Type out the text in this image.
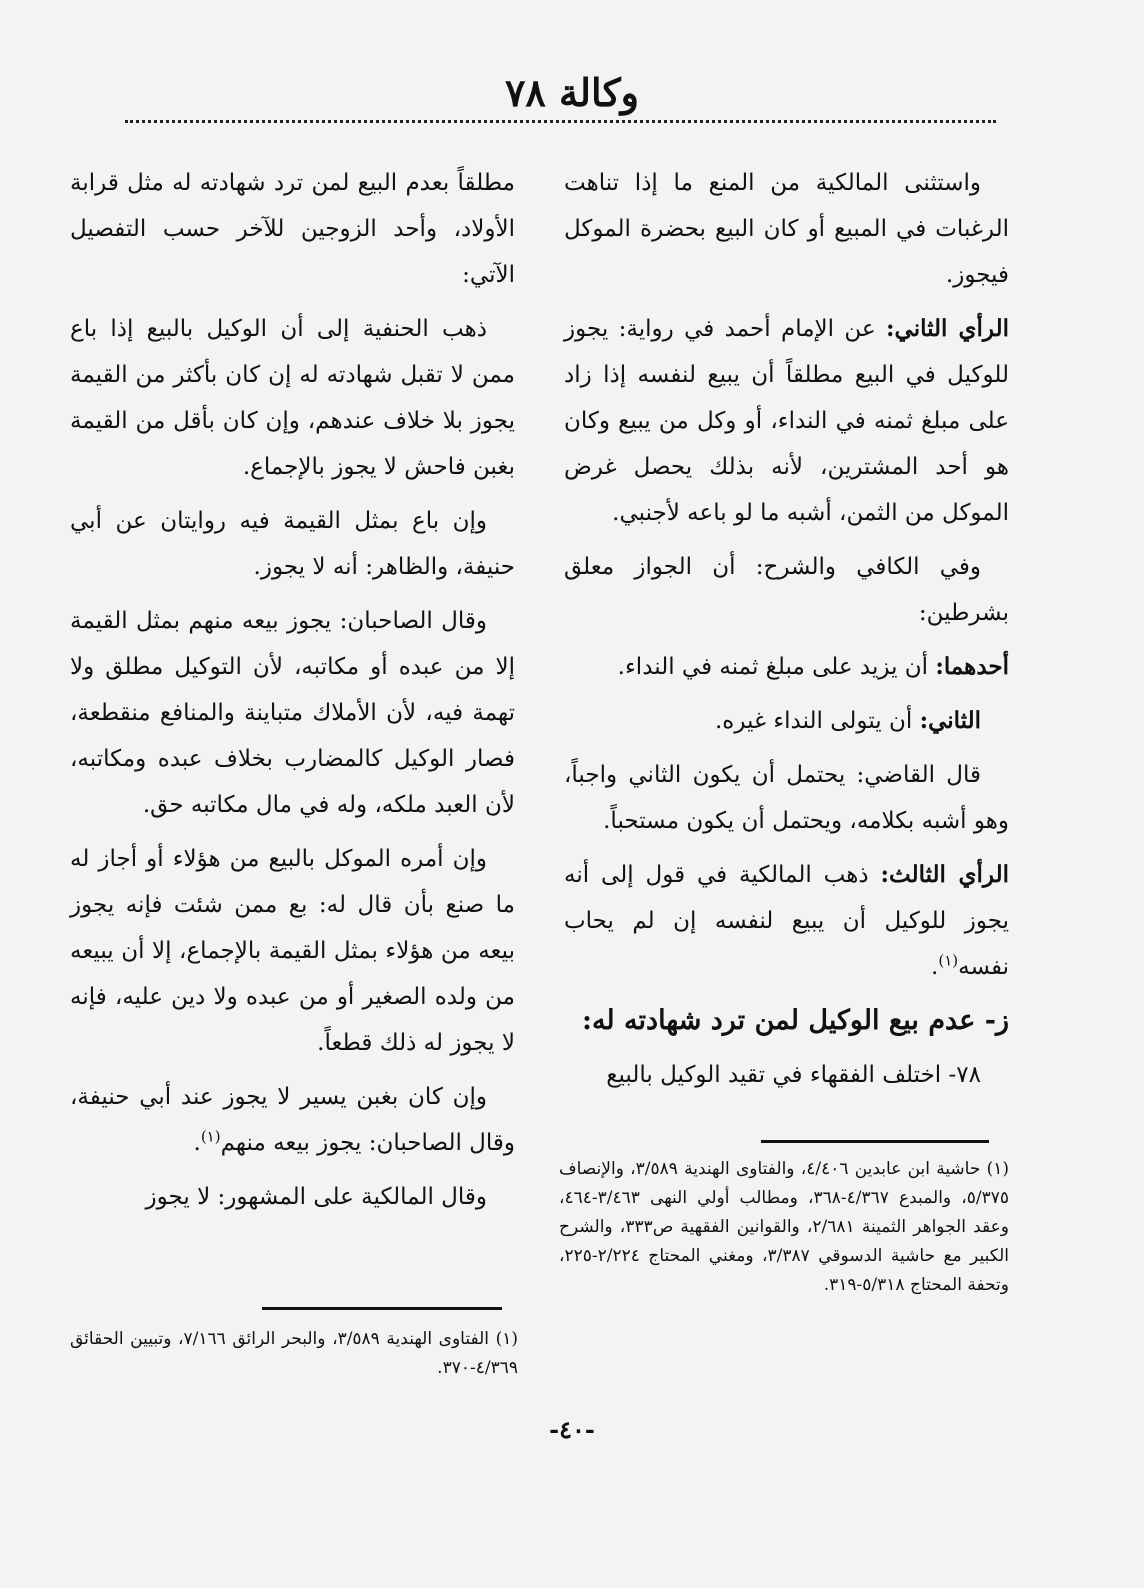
وكالة ٧٨

واستثنى المالكية من المنع ما إذا تناهت الرغبات في المبيع أو كان البيع بحضرة الموكل فيجوز.

الرأي الثاني: عن الإمام أحمد في رواية: يجوز للوكيل في البيع مطلقاً أن يبيع لنفسه إذا زاد على مبلغ ثمنه في النداء، أو وكل من يبيع وكان هو أحد المشترين، لأنه بذلك يحصل غرض الموكل من الثمن، أشبه ما لو باعه لأجنبي.

وفي الكافي والشرح: أن الجواز معلق بشرطين:

أحدهما: أن يزيد على مبلغ ثمنه في النداء.

الثاني: أن يتولى النداء غيره.

قال القاضي: يحتمل أن يكون الثاني واجباً، وهو أشبه بكلامه، ويحتمل أن يكون مستحباً.

الرأي الثالث: ذهب المالكية في قول إلى أنه يجوز للوكيل أن يبيع لنفسه إن لم يحاب نفسه$^{(١)}$.

ز- عدم بيع الوكيل لمن ترد شهادته له:

٧٨- اختلف الفقهاء في تقيد الوكيل بالبيع

مطلقاً بعدم البيع لمن ترد شهادته له مثل قرابة الأولاد، وأحد الزوجين للآخر حسب التفصيل الآتي:

ذهب الحنفية إلى أن الوكيل بالبيع إذا باع ممن لا تقبل شهادته له إن كان بأكثر من القيمة يجوز بلا خلاف عندهم، وإن كان بأقل من القيمة بغبن فاحش لا يجوز بالإجماع.

وإن باع بمثل القيمة فيه روايتان عن أبي حنيفة، والظاهر: أنه لا يجوز.

وقال الصاحبان: يجوز بيعه منهم بمثل القيمة إلا من عبده أو مكاتبه، لأن التوكيل مطلق ولا تهمة فيه، لأن الأملاك متباينة والمنافع منقطعة، فصار الوكيل كالمضارب بخلاف عبده ومكاتبه، لأن العبد ملكه، وله في مال مكاتبه حق.

وإن أمره الموكل بالبيع من هؤلاء أو أجاز له ما صنع بأن قال له: بع ممن شئت فإنه يجوز بيعه من هؤلاء بمثل القيمة بالإجماع، إلا أن يبيعه من ولده الصغير أو من عبده ولا دين عليه، فإنه لا يجوز له ذلك قطعاً.

وإن كان بغبن يسير لا يجوز عند أبي حنيفة، وقال الصاحبان: يجوز بيعه منهم$^{(١)}$.

وقال المالكية على المشهور: لا يجوز

(١) حاشية ابن عابدين ٤/٤٠٦، والفتاوى الهندية ٣/٥٨٩، والإنصاف ٥/٣٧٥، والمبدع ٤/٣٦٧-٣٦٨، ومطالب أولي النهى ٣/٤٦٣-٤٦٤، وعقد الجواهر الثمينة ٢/٦٨١، والقوانين الفقهية ص٣٣٣، والشرح الكبير مع حاشية الدسوقي ٣/٣٨٧، ومغني المحتاج ٢/٢٢٤-٢٢٥، وتحفة المحتاج ٥/٣١٨-٣١٩.
(١) الفتاوى الهندية ٣/٥٨٩، والبحر الرائق ٧/١٦٦، وتبيين الحقائق ٤/٣٦٩-٣٧٠.
-٤٠-
